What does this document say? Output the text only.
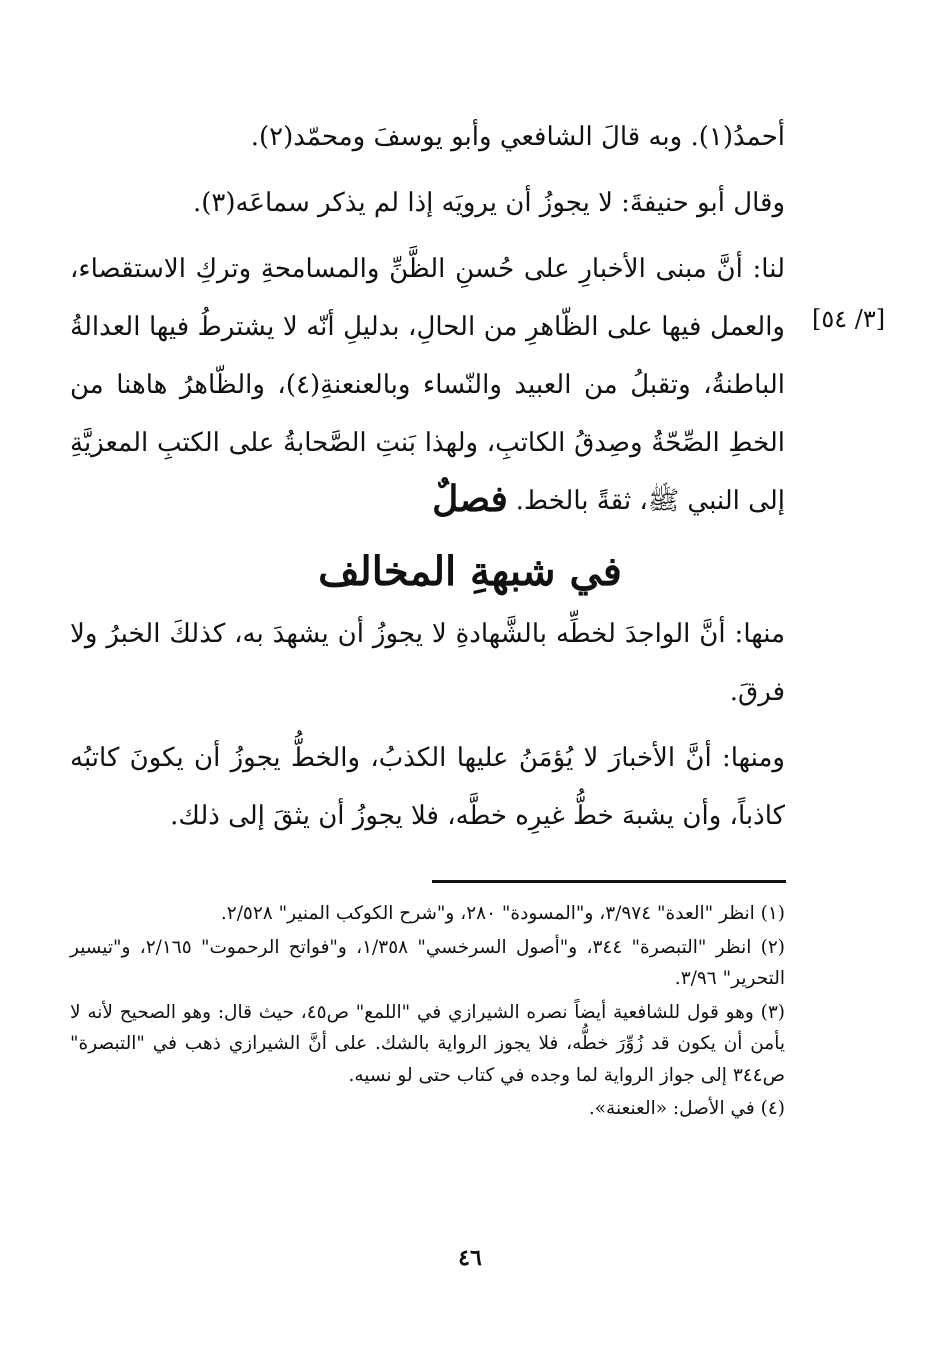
[٣/ ٥٤]

أحمدُ(١). وبه قالَ الشافعي وأبو يوسفَ ومحمّد(٢).

وقال أبو حنيفةَ: لا يجوزُ أن يرويَه إذا لم يذكر سماعَه(٣).

لنا: أنَّ مبنى الأخبارِ على حُسنِ الظَّنِّ والمسامحةِ وتركِ الاستقصاء، والعمل فيها على الظّاهرِ من الحالِ، بدليلِ أنّه لا يشترطُ فيها العدالةُ الباطنةُ، وتقبلُ من العبيد والنّساء وبالعنعنةِ(٤)، والظّاهرُ هاهنا من الخطِ الصِّحّةُ وصِدقُ الكاتبِ، ولهذا بَنتِ الصَّحابةُ على الكتبِ المعزيَّةِ إلى النبي ﷺ، ثقةً بالخط.

فصلٌ
في شبهةِ المخالف

منها: أنَّ الواجدَ لخطِّه بالشَّهادةِ لا يجوزُ أن يشهدَ به، كذلكَ الخبرُ ولا فرقَ.

ومنها: أنَّ الأخبارَ لا يُؤمَنُ عليها الكذبُ، والخطُّ يجوزُ أن يكونَ كاتبُه كاذباً، وأن يشبهَ خطُّ غيرِه خطَّه، فلا يجوزُ أن يثقَ إلى ذلك.

(١) انظر "العدة" ٣/٩٧٤، و"المسودة" ٢٨٠، و"شرح الكوكب المنير" ٢/٥٢٨.

(٢) انظر "التبصرة" ٣٤٤، و"أصول السرخسي" ١/٣٥٨، و"فواتح الرحموت" ٢/١٦٥، و"تيسير التحرير" ٣/٩٦.

(٣) وهو قول للشافعية أيضاً نصره الشيرازي في "اللمع" ص٤٥، حيث قال: وهو الصحيح لأنه لا يأمن أن يكون قد زُوِّرَ خطُّه، فلا يجوز الرواية بالشك. على أنَّ الشيرازي ذهب في "التبصرة" ص٣٤٤ إلى جواز الرواية لما وجده في كتاب حتى لو نسيه.

(٤) في الأصل: «العنعنة».

٤٦
